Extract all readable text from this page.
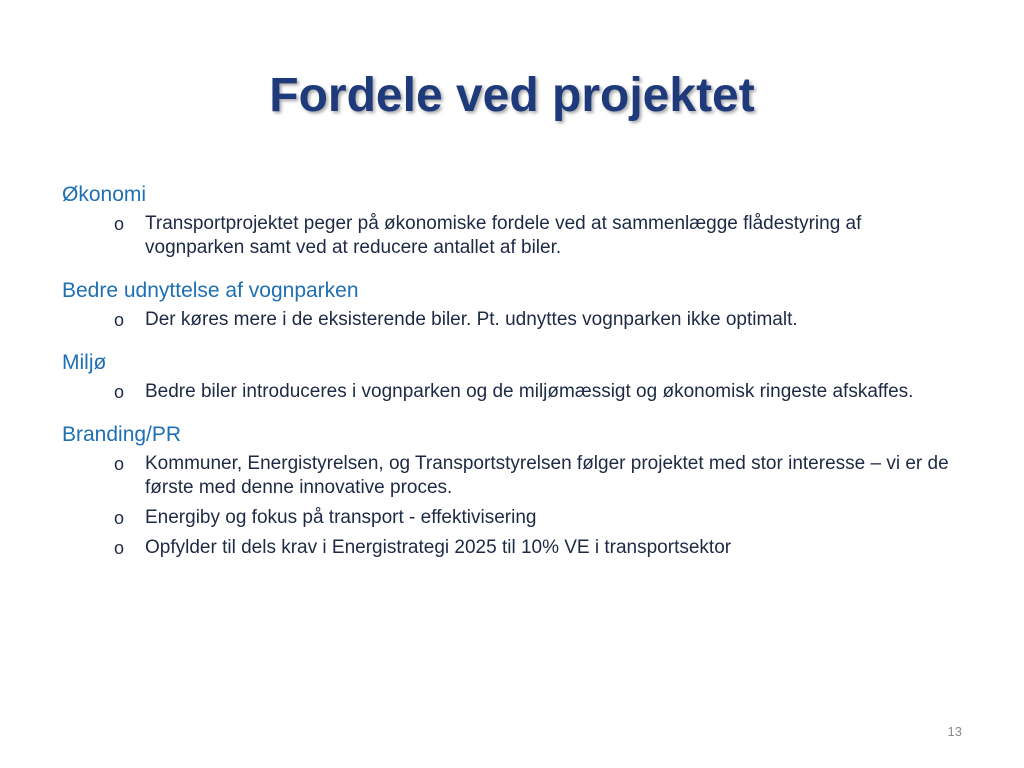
Fordele ved projektet
Økonomi
o Transportprojektet peger på økonomiske fordele ved at sammenlægge flådestyring af vognparken samt ved at reducere antallet af biler.
Bedre udnyttelse af vognparken
o Der køres mere i de eksisterende biler. Pt. udnyttes vognparken ikke optimalt.
Miljø
o Bedre biler introduceres i vognparken og de miljømæssigt og økonomisk ringeste afskaffes.
Branding/PR
o Kommuner, Energistyrelsen, og Transportstyrelsen følger projektet med stor interesse – vi er de første med denne innovative proces.
o Energiby og fokus på transport - effektivisering
o Opfylder til dels krav i Energistrategi 2025 til 10% VE i transportsektor
13
